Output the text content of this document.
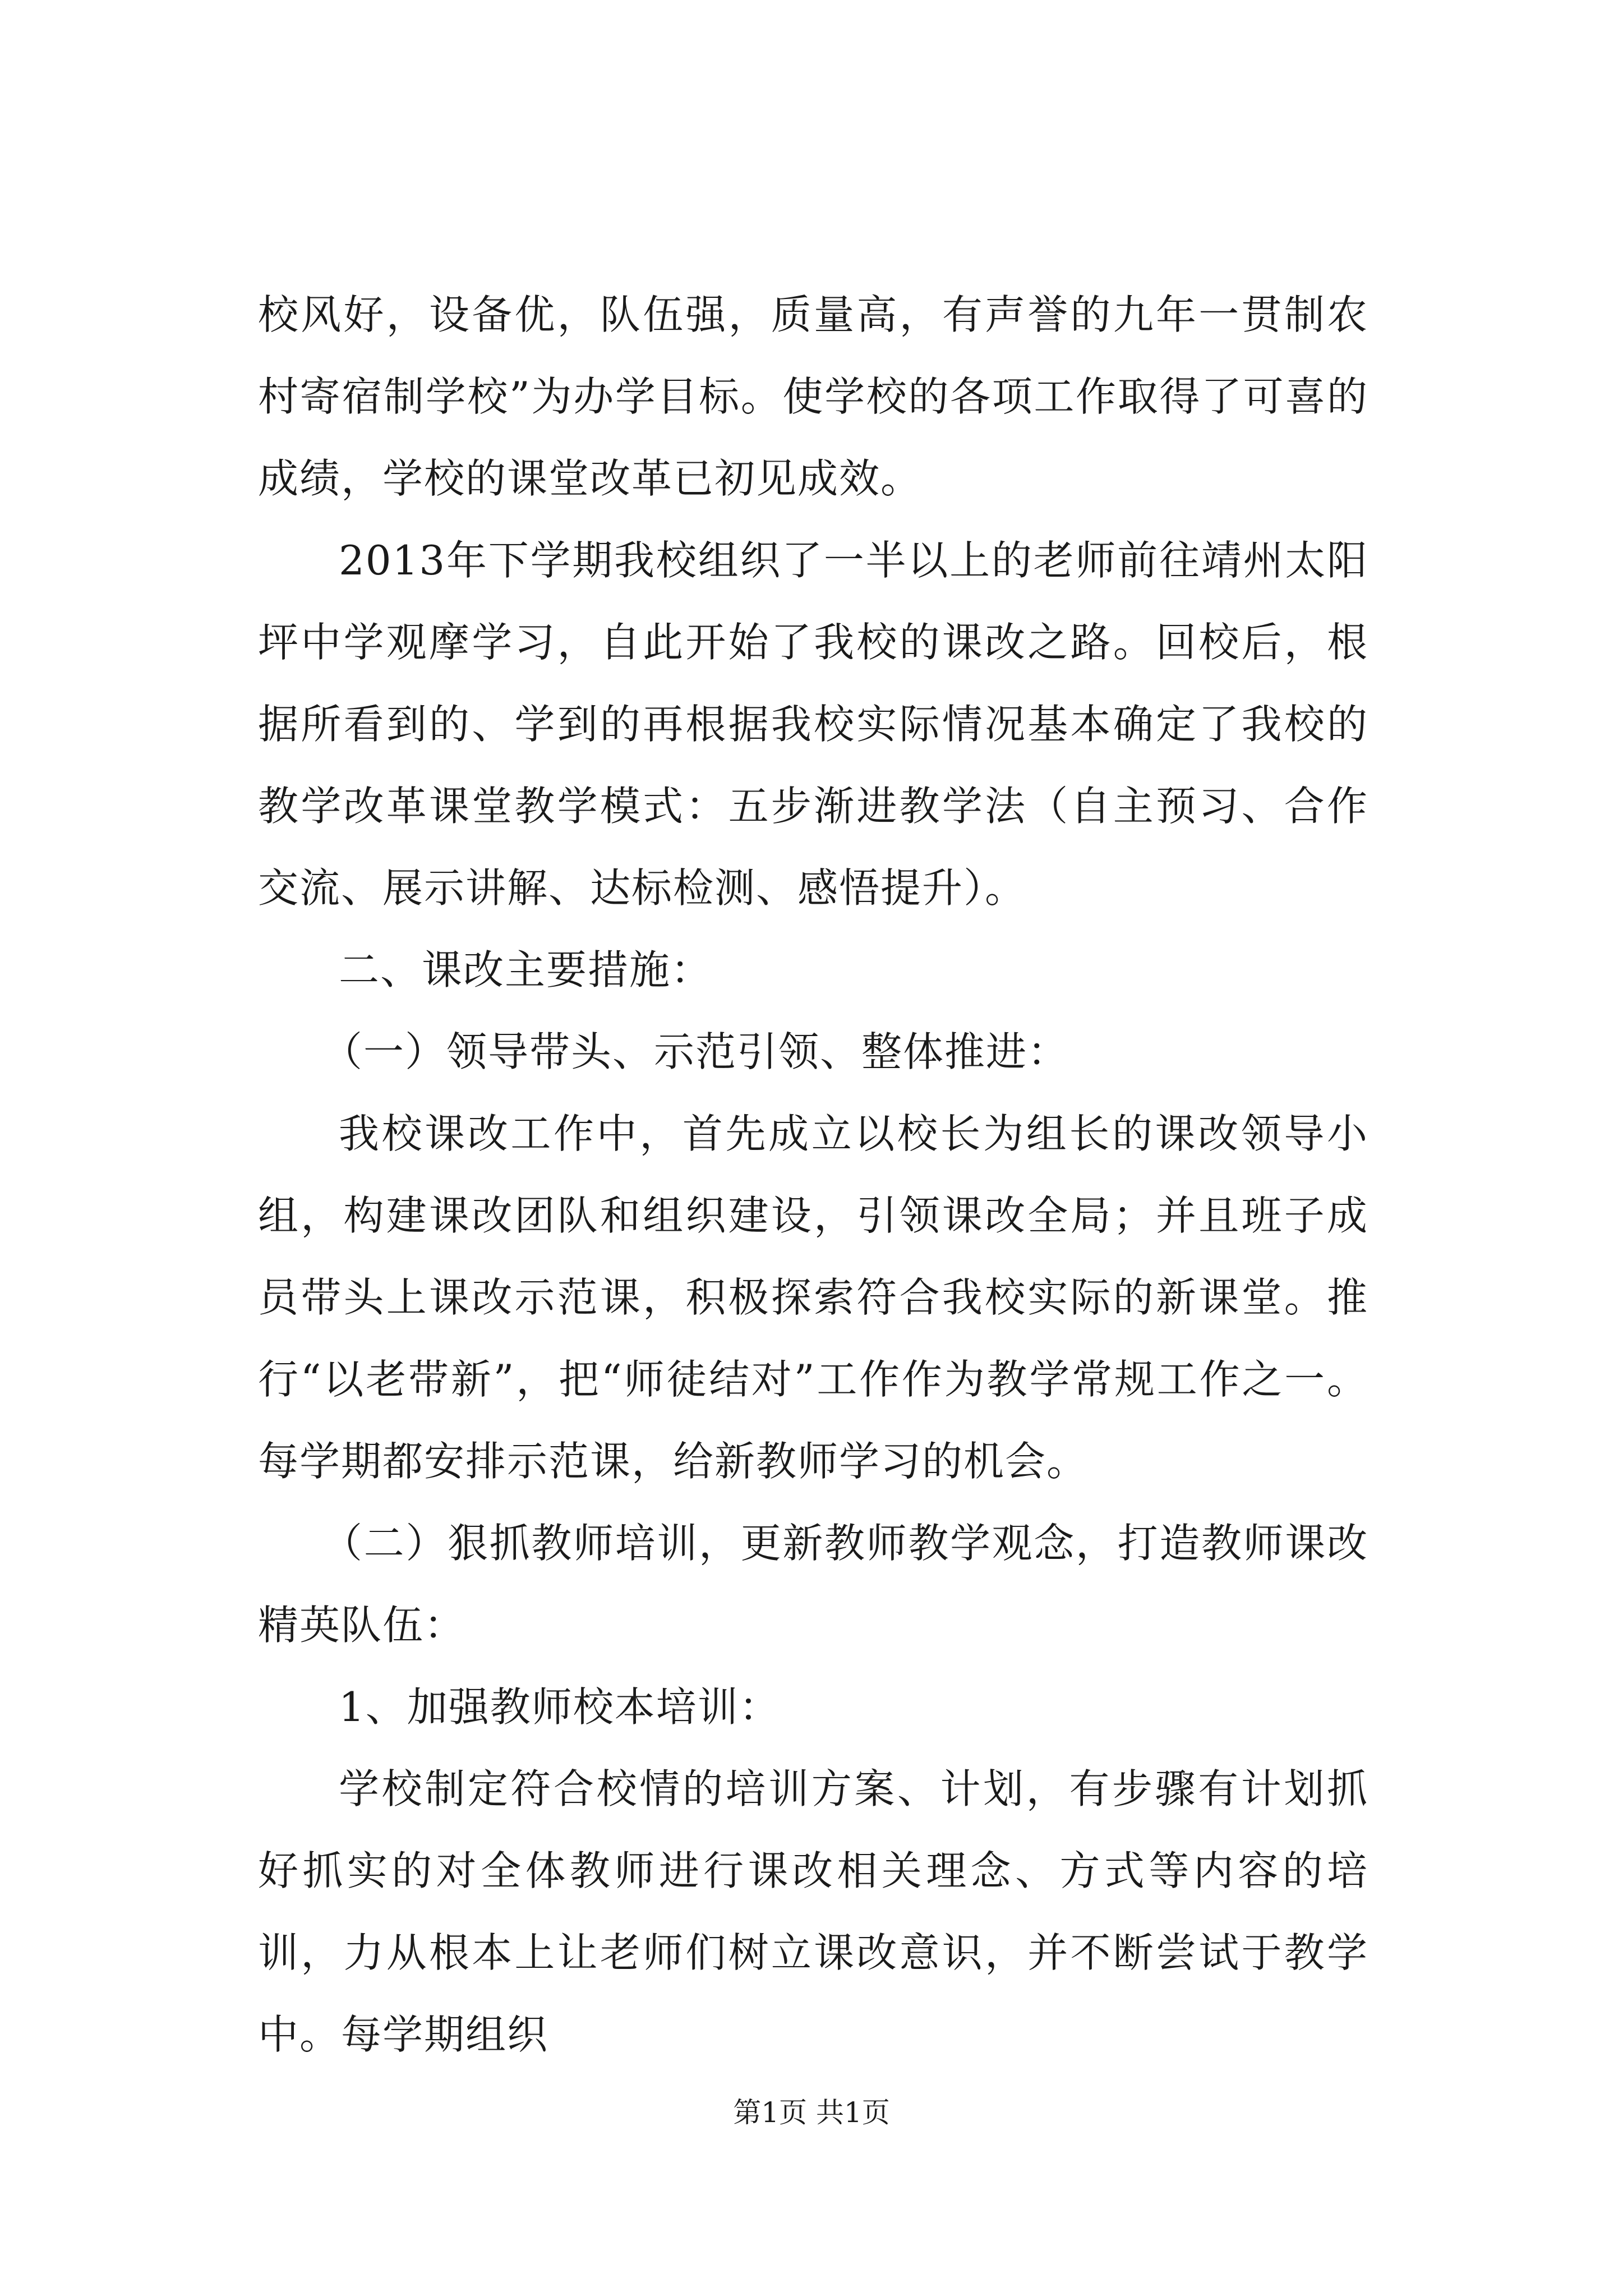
校风好，设备优，队伍强，质量高，有声誉的九年一贯制农村寄宿制学校”为办学目标。使学校的各项工作取得了可喜的成绩，学校的课堂改革已初见成效。

2013年下学期我校组织了一半以上的老师前往靖州太阳坪中学观摩学习，自此开始了我校的课改之路。回校后，根据所看到的、学到的再根据我校实际情况基本确定了我校的教学改革课堂教学模式：五步渐进教学法（自主预习、合作交流、展示讲解、达标检测、感悟提升）。

二、课改主要措施：

（一）领导带头、示范引领、整体推进：

我校课改工作中，首先成立以校长为组长的课改领导小组，构建课改团队和组织建设，引领课改全局；并且班子成员带头上课改示范课，积极探索符合我校实际的新课堂。推行“以老带新”，把“师徒结对”工作作为教学常规工作之一。每学期都安排示范课，给新教师学习的机会。

（二）狠抓教师培训，更新教师教学观念，打造教师课改精英队伍：

1、加强教师校本培训：

学校制定符合校情的培训方案、计划，有步骤有计划抓好抓实的对全体教师进行课改相关理念、方式等内容的培训，力从根本上让老师们树立课改意识，并不断尝试于教学中。每学期组织

第1页 共1页
